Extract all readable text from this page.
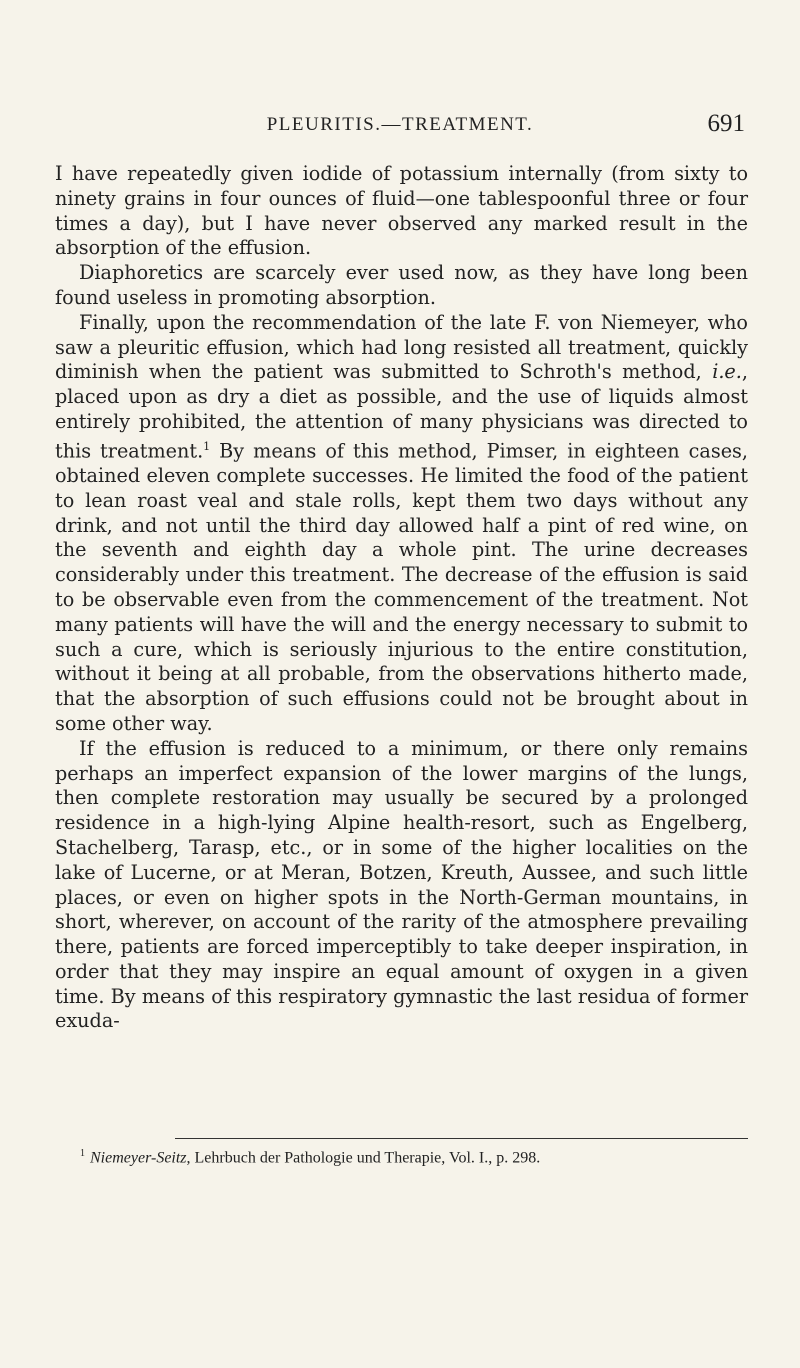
PLEURITIS.—TREATMENT.	691

I have repeatedly given iodide of potassium internally (from sixty to ninety grains in four ounces of fluid—one tablespoonful three or four times a day), but I have never observed any marked result in the absorption of the effusion.

Diaphoretics are scarcely ever used now, as they have long been found useless in promoting absorption.

Finally, upon the recommendation of the late F. von Niemeyer, who saw a pleuritic effusion, which had long resisted all treatment, quickly diminish when the patient was submitted to Schroth's method, i.e., placed upon as dry a diet as possible, and the use of liquids almost entirely prohibited, the attention of many physicians was directed to this treatment.$^1$ By means of this method, Pimser, in eighteen cases, obtained eleven complete successes. He limited the food of the patient to lean roast veal and stale rolls, kept them two days without any drink, and not until the third day allowed half a pint of red wine, on the seventh and eighth day a whole pint. The urine decreases considerably under this treatment. The decrease of the effusion is said to be observable even from the commencement of the treatment. Not many patients will have the will and the energy necessary to submit to such a cure, which is seriously injurious to the entire constitution, without it being at all probable, from the observations hitherto made, that the absorption of such effusions could not be brought about in some other way.

If the effusion is reduced to a minimum, or there only remains perhaps an imperfect expansion of the lower margins of the lungs, then complete restoration may usually be secured by a prolonged residence in a high-lying Alpine health-resort, such as Engelberg, Stachelberg, Tarasp, etc., or in some of the higher localities on the lake of Lucerne, or at Meran, Botzen, Kreuth, Aussee, and such little places, or even on higher spots in the North-German mountains, in short, wherever, on account of the rarity of the atmosphere prevailing there, patients are forced imperceptibly to take deeper inspiration, in order that they may inspire an equal amount of oxygen in a given time. By means of this respiratory gymnastic the last residua of former exuda-

$^1$ Niemeyer-Seitz, Lehrbuch der Pathologie und Therapie, Vol. I., p. 298.
